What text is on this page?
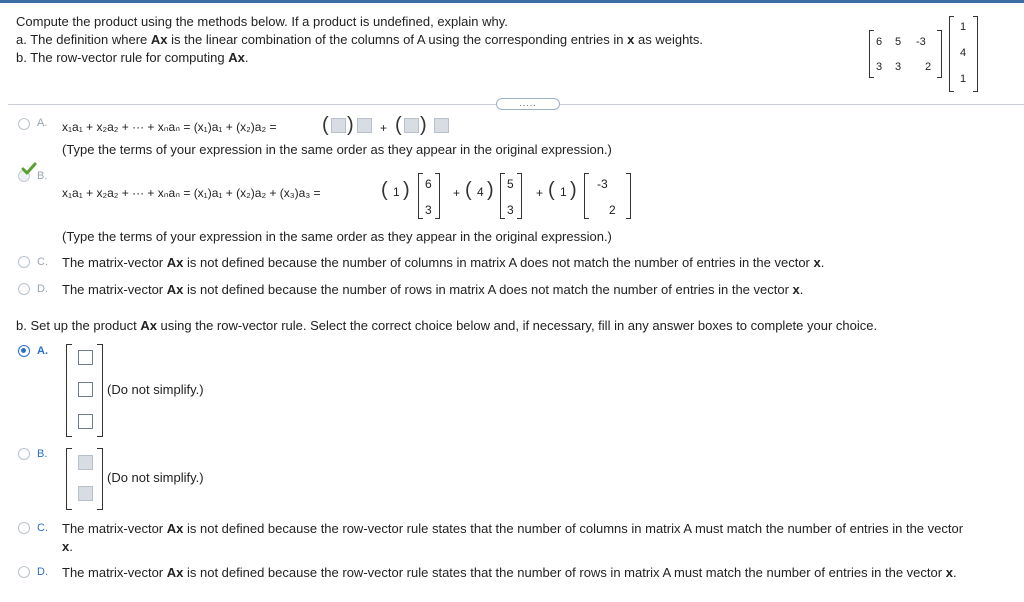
Compute the product using the methods below. If a product is undefined, explain why.
a. The definition where Ax is the linear combination of the columns of A using the corresponding entries in x as weights.
b. The row-vector rule for computing Ax.
6 5 -3
3 3 2
1
4
1
.....
A. x₁a₁ + x₂a₂ + ··· + xₙaₙ = (x₁)a₁ + (x₂)a₂ = ( ) + ( )
(Type the terms of your expression in the same order as they appear in the original expression.)
B.
x₁a₁ + x₂a₂ + ··· + xₙaₙ = (x₁)a₁ + (x₂)a₂ + (x₃)a₃ =	( 1 ) 6
3
+ ( 4 ) 5
3
+ ( 1 ) -3
2
(Type the terms of your expression in the same order as they appear in the original expression.)
C. The matrix-vector Ax is not defined because the number of columns in matrix A does not match the number of entries in the vector x.
D. The matrix-vector Ax is not defined because the number of rows in matrix A does not match the number of entries in the vector x.
b. Set up the product Ax using the row-vector rule. Select the correct choice below and, if necessary, fill in any answer boxes to complete your choice.
A.
(Do not simplify.)
B.
(Do not simplify.)
C. The matrix-vector Ax is not defined because the row-vector rule states that the number of columns in matrix A must match the number of entries in the vector
x.
D. The matrix-vector Ax is not defined because the row-vector rule states that the number of rows in matrix A must match the number of entries in the vector x.
